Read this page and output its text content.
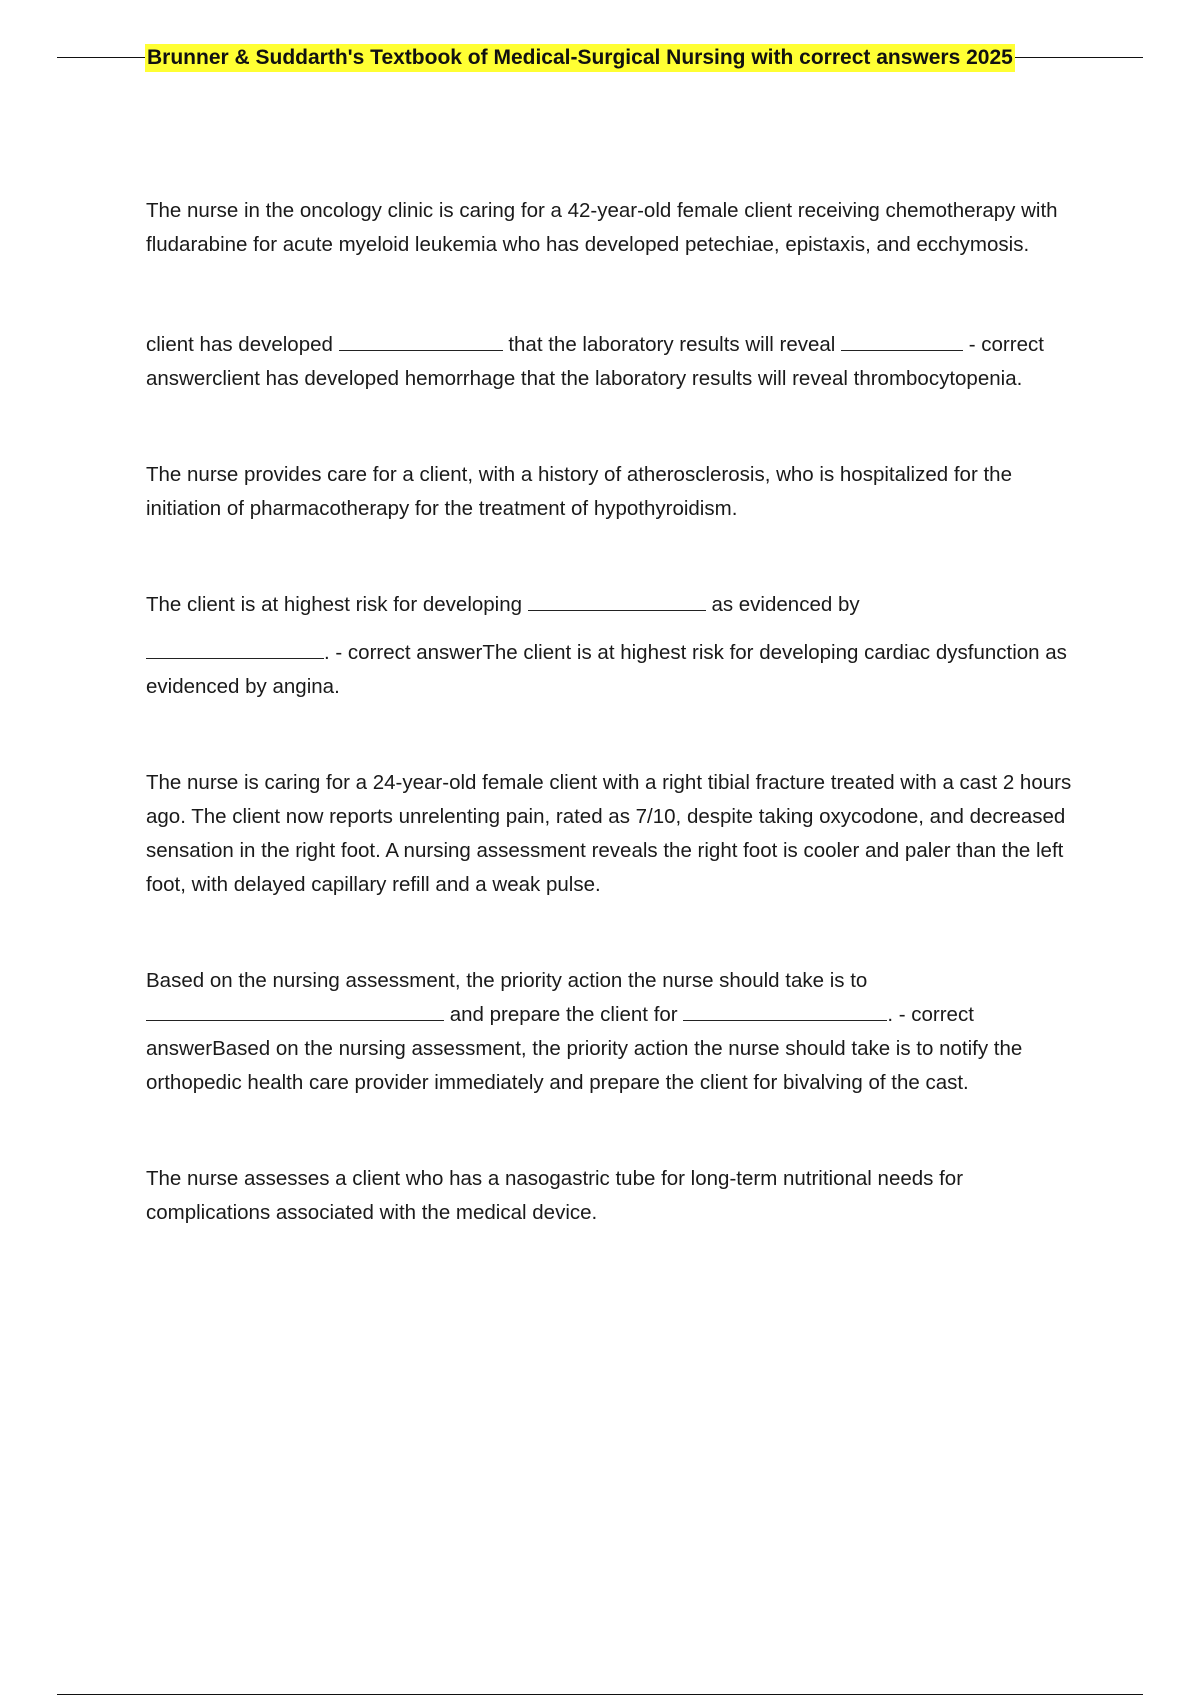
Brunner & Suddarth's Textbook of Medical-Surgical Nursing with correct answers 2025

The nurse in the oncology clinic is caring for a 42-year-old female client receiving chemotherapy with fludarabine for acute myeloid leukemia who has developed petechiae, epistaxis, and ecchymosis.

client has developed	that the laboratory results will reveal	- correct answerclient has developed hemorrhage that the laboratory results will reveal thrombocytopenia.

The nurse provides care for a client, with a history of atherosclerosis, who is hospitalized for the initiation of pharmacotherapy for the treatment of hypothyroidism.

The client is at highest risk for developing	as evidenced by

. - correct answerThe client is at highest risk for developing cardiac dysfunction as evidenced by angina.

The nurse is caring for a 24-year-old female client with a right tibial fracture treated with a cast 2 hours ago. The client now reports unrelenting pain, rated as 7/10, despite taking oxycodone, and decreased sensation in the right foot. A nursing assessment reveals the right foot is cooler and paler than the left foot, with delayed capillary refill and a weak pulse.

Based on the nursing assessment, the priority action the nurse should take is to
and prepare the client for	. - correct answerBased on the nursing assessment, the priority action the nurse should take is to notify the orthopedic health care provider immediately and prepare the client for bivalving of the cast.

The nurse assesses a client who has a nasogastric tube for long-term nutritional needs for complications associated with the medical device.
